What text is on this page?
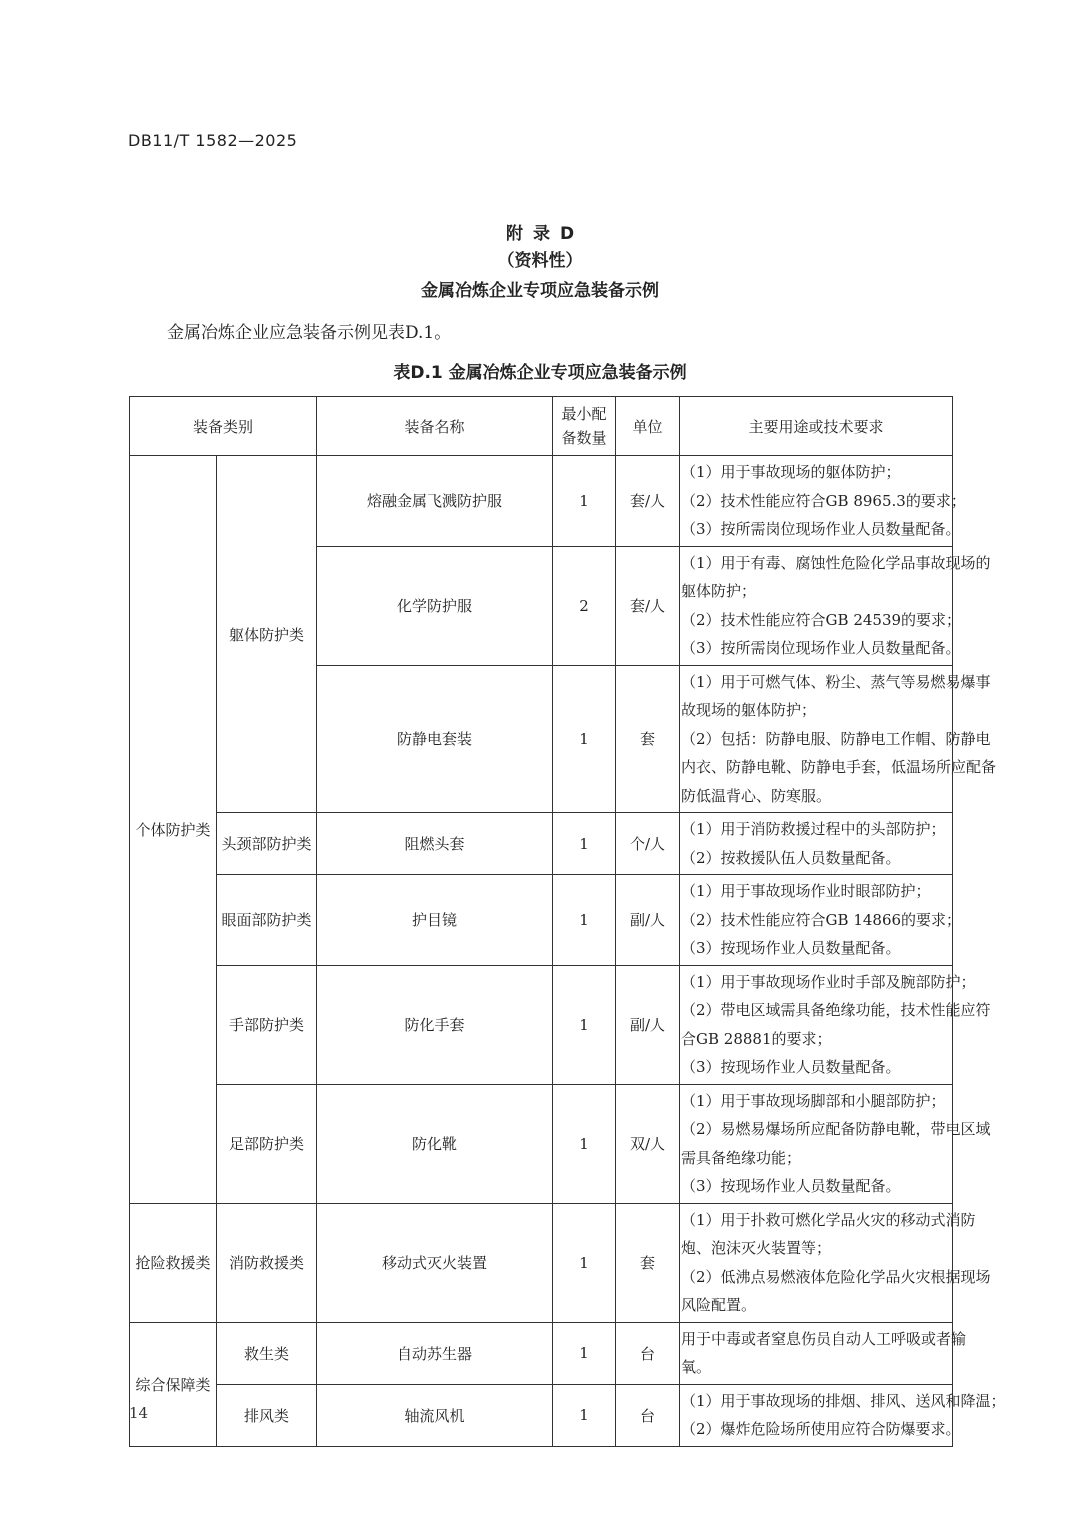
DB11/T 1582—2025
附录D
（资料性）
金属冶炼企业专项应急装备示例
金属冶炼企业应急装备示例见表D.1。
表D.1 金属冶炼企业专项应急装备示例
装备类别		装备名称	最小配
备数量	单位	主要用途或技术要求
个体防护类	躯体防护类	熔融金属飞溅防护服	1	套/人	（1）用于事故现场的躯体防护；
（2）技术性能应符合GB 8965.3的要求；
（3）按所需岗位现场作业人员数量配备。

		化学防护服	2	套/人	（1）用于有毒、腐蚀性危险化学品事故现场的
躯体防护；
（2）技术性能应符合GB 24539的要求；
（3）按所需岗位现场作业人员数量配备。

		防静电套装	1	套	（1）用于可燃气体、粉尘、蒸气等易燃易爆事
故现场的躯体防护；
（2）包括：防静电服、防静电工作帽、防静电
内衣、防静电靴、防静电手套，低温场所应配备
防低温背心、防寒服。

	头颈部防护类	阻燃头套	1	个/人	（1）用于消防救援过程中的头部防护；
（2）按救援队伍人员数量配备。

	眼面部防护类	护目镜	1	副/人	（1）用于事故现场作业时眼部防护；
（2）技术性能应符合GB 14866的要求；
（3）按现场作业人员数量配备。

	手部防护类	防化手套	1	副/人	（1）用于事故现场作业时手部及腕部防护；
（2）带电区域需具备绝缘功能，技术性能应符
合GB 28881的要求；
（3）按现场作业人员数量配备。

	足部防护类	防化靴	1	双/人	（1）用于事故现场脚部和小腿部防护；
（2）易燃易爆场所应配备防静电靴，带电区域
需具备绝缘功能；
（3）按现场作业人员数量配备。

抢险救援类	消防救援类	移动式灭火装置	1	套	（1）用于扑救可燃化学品火灾的移动式消防
炮、泡沫灭火装置等；
（2）低沸点易燃液体危险化学品火灾根据现场
风险配置。

综合保障类	救生类	自动苏生器	1	台	用于中毒或者窒息伤员自动人工呼吸或者输
氧。

	排风类	轴流风机	1	台	（1）用于事故现场的排烟、排风、送风和降温；
（2）爆炸危险场所使用应符合防爆要求。
14
